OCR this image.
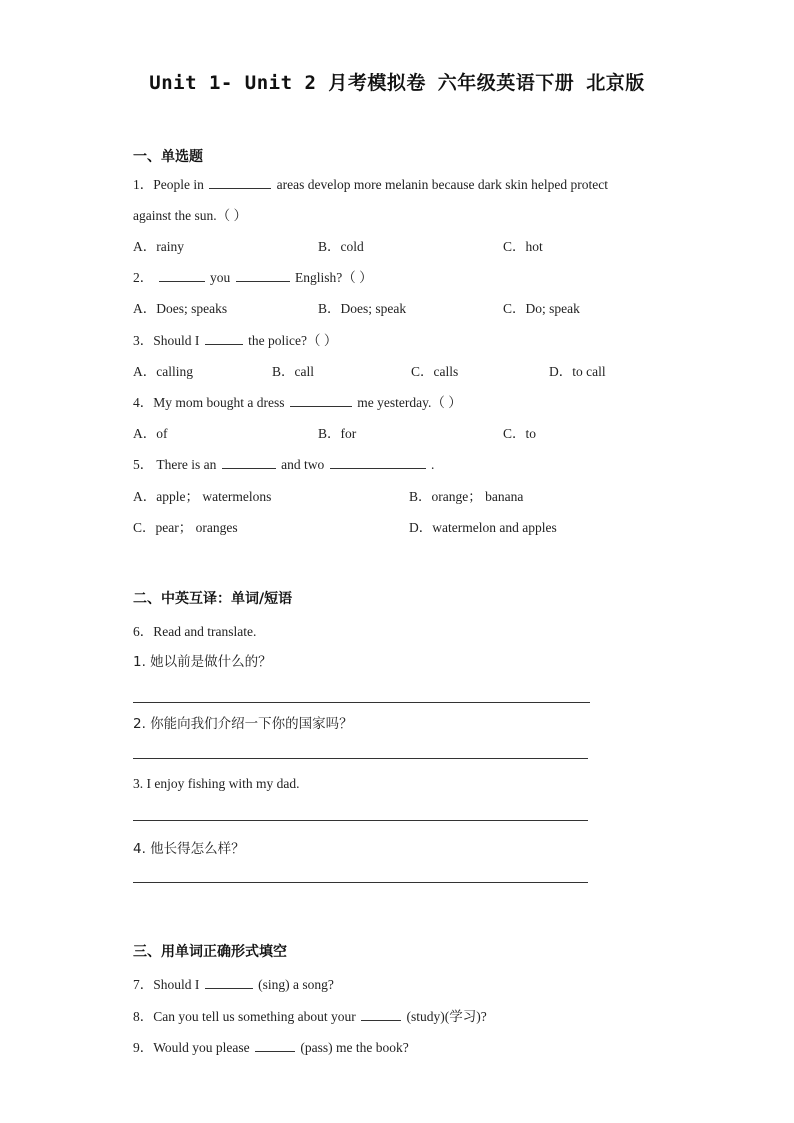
Unit 1- Unit 2 月考模拟卷 六年级英语下册 北京版
一、单选题
1．People in	areas develop more melanin because dark skin helped protect
against the sun.（ ）
A．rainy	B．cold	C．hot
2．	you	English?（ ）
A．Does; speaks	B．Does; speak	C．Do; speak
3．Should I	the police?（ ）
A．calling	B．call	C．calls	D．to call
4．My mom bought a dress	me yesterday.（ ）
A．of	B．for	C．to
5． There is an	and two	.
A．apple； watermelons	B．orange； banana
C．pear； oranges	D．watermelon and apples
二、中英互译：单词/短语
6．Read and translate.
1. 她以前是做什么的？
2. 你能向我们介绍一下你的国家吗？
3. I enjoy fishing with my dad.
4. 他长得怎么样？
三、用单词正确形式填空
7．Should I	(sing) a song?
8．Can you tell us something about your	(study)(学习)?
9．Would you please	(pass) me the book?
